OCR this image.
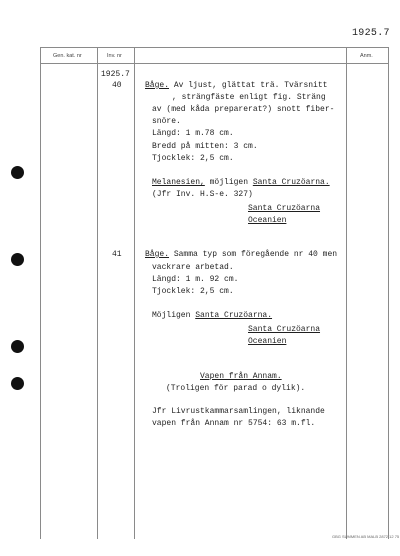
1925.7
Gen. kat. nr	Inv. nr	Anm.
1925.7
40
41
Båge. Av ljust, glättat trä. Tvärsnitt
, strängfäste enligt fig. Sträng
av (med kåda preparerat?) snott fiber-
snöre.
Längd: 1 m.78 cm.
Bredd på mitten: 3 cm.
Tjocklek: 2,5 cm.
Melanesien, möjligen Santa Cruzöarna.
(Jfr Inv. H.S-e. 327)
Santa Cruzöarna
Oceanien
Båge. Samma typ som föregående nr 40 men
vackrare arbetad.
Längd: 1 m. 92 cm.
Tjocklek: 2,5 cm.
Möjligen Santa Cruzöarna.
Santa Cruzöarna
Oceanien
Vapen från Annam.
(Troligen för parad o dylik).
Jfr Livrustkammarsamlingen, liknande
vapen från Annam nr 5754: 63 m.fl.
GBG SUMMEN AB MALB 2872 12 75
